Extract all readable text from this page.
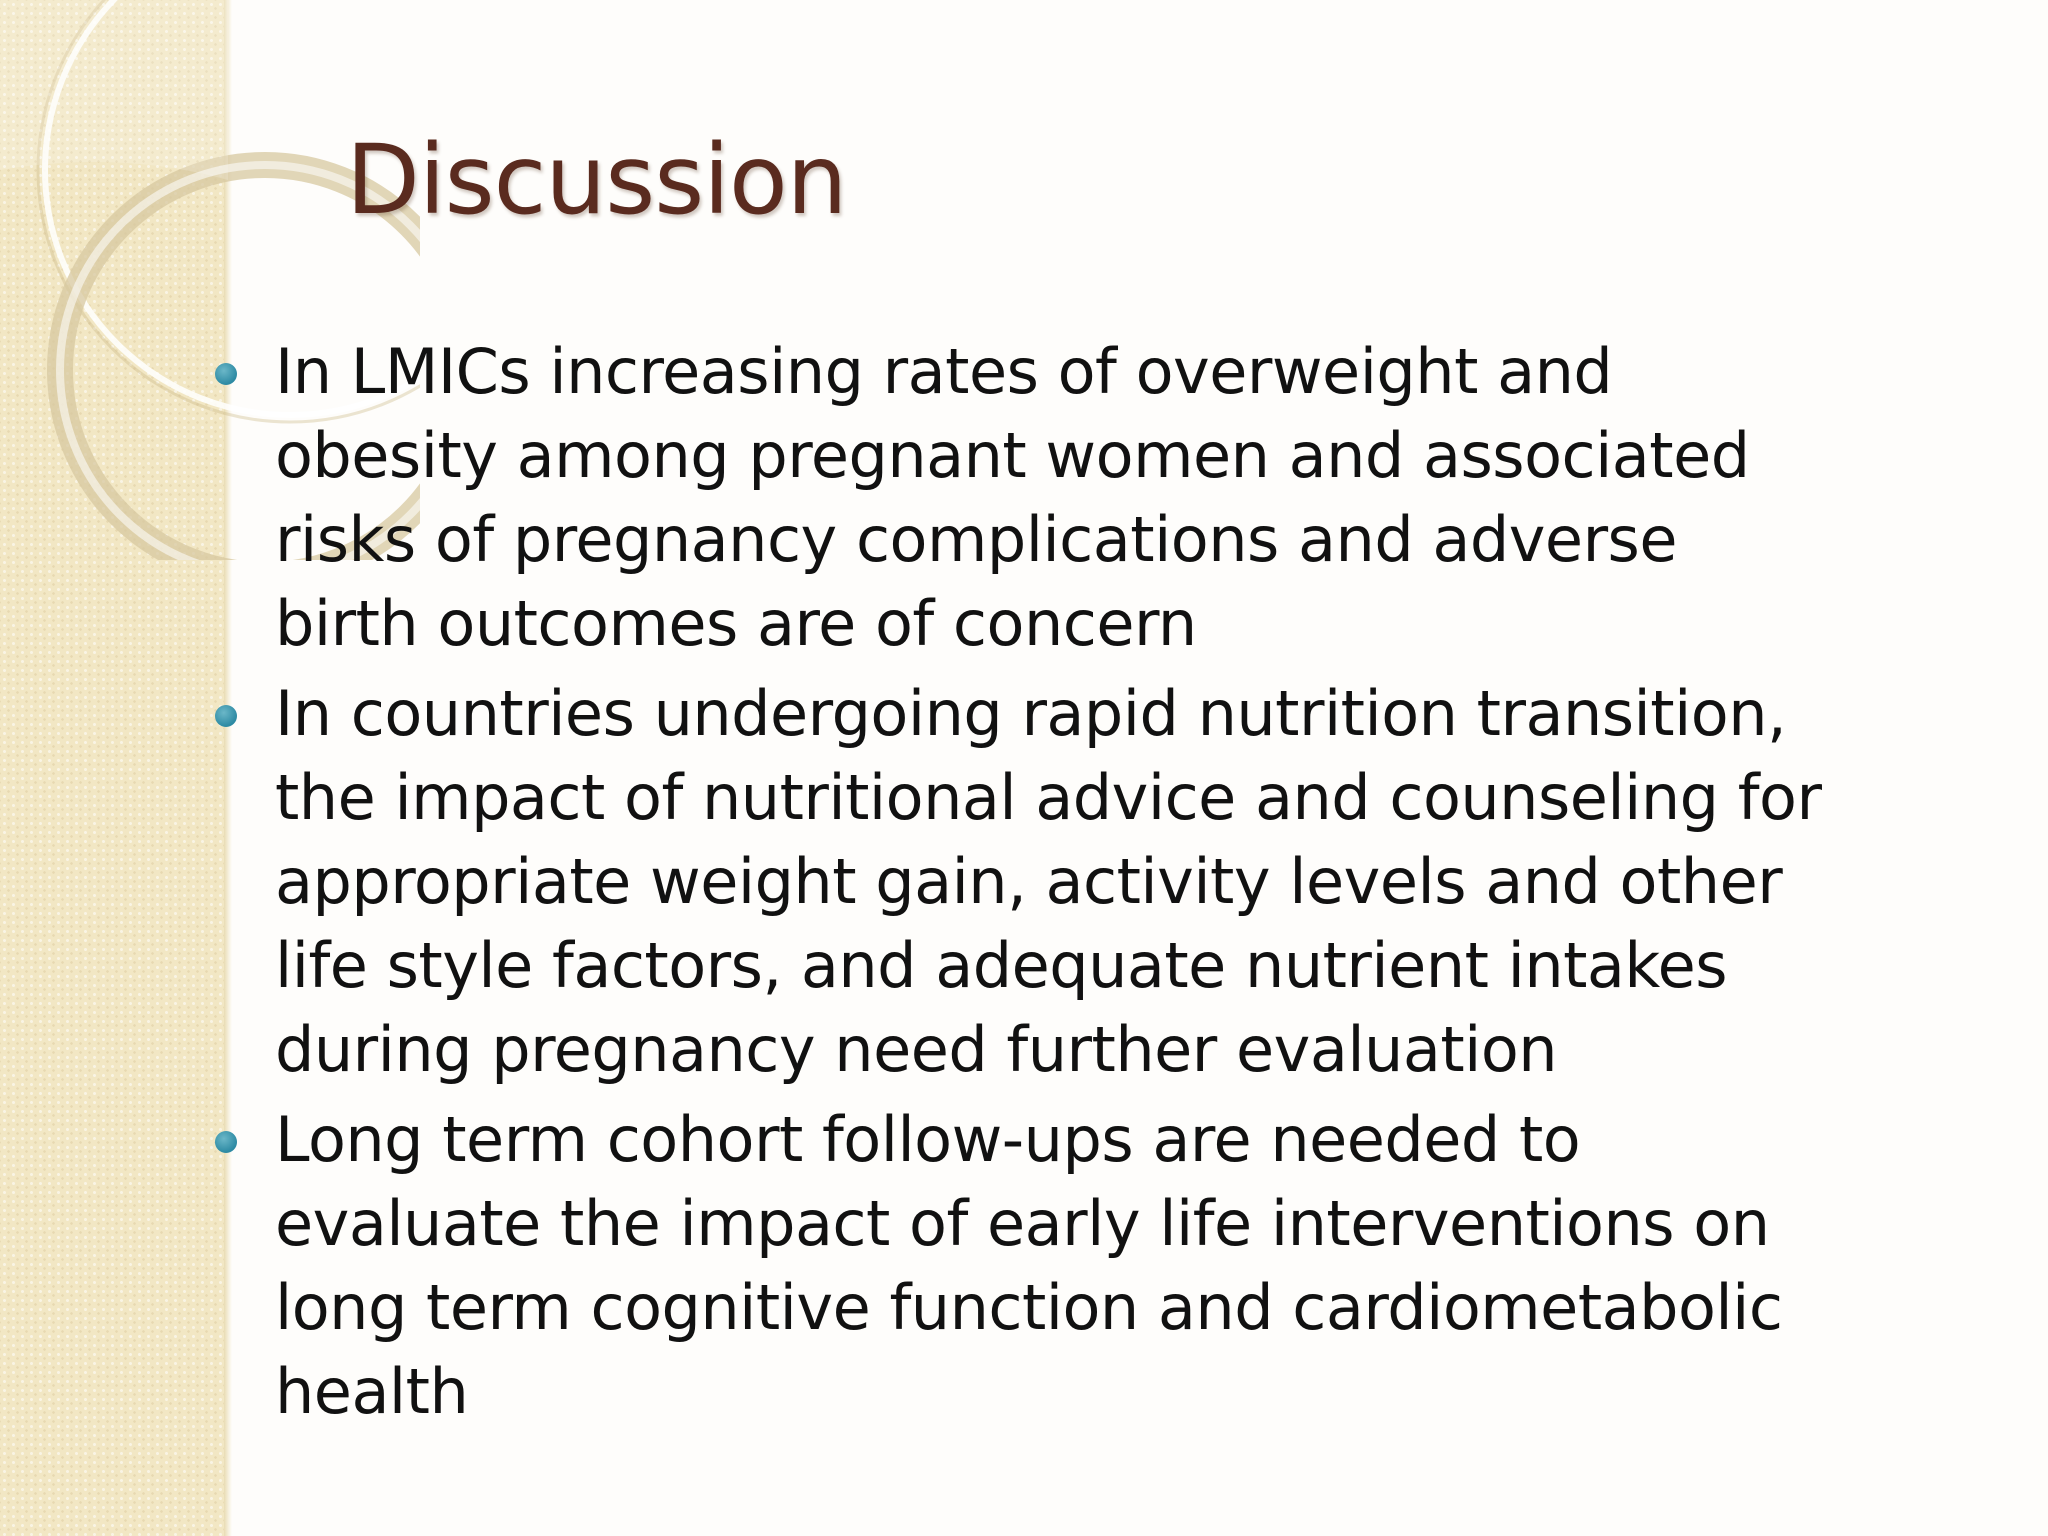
Discussion
In LMICs increasing rates of overweight and obesity among pregnant women and associated risks of pregnancy complications and adverse birth outcomes are of concern
In countries undergoing rapid nutrition transition, the impact of nutritional advice and counseling for appropriate weight gain, activity levels and other life style factors, and adequate nutrient intakes during pregnancy need further evaluation
Long term cohort follow-ups are needed to evaluate the impact of early life interventions on long term cognitive function and cardiometabolic health
